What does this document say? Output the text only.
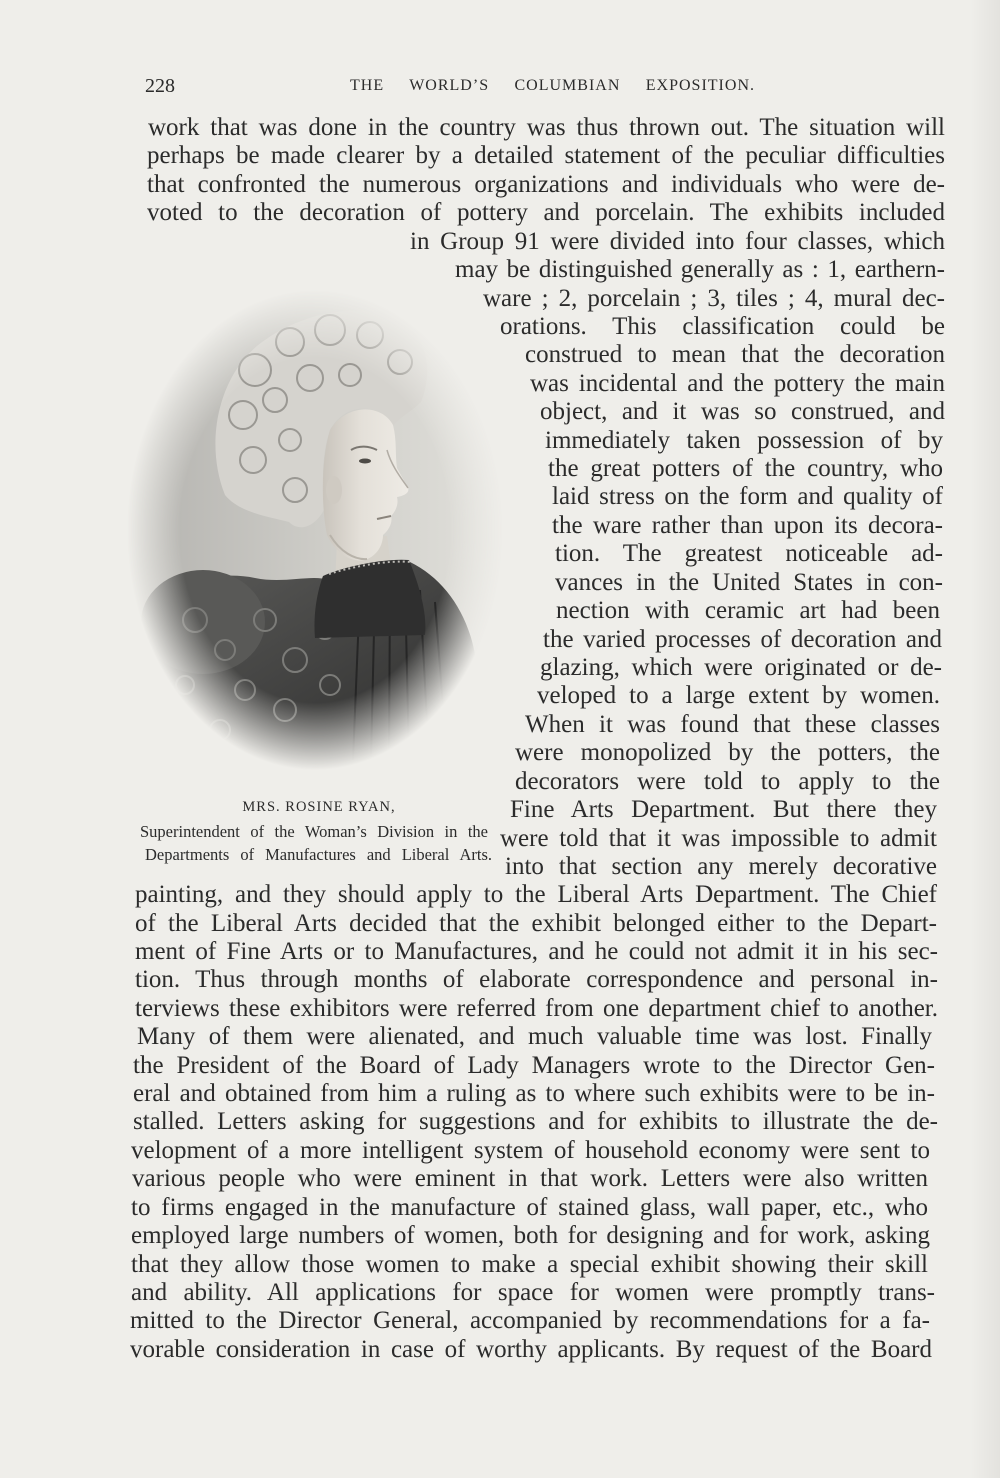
228	THE WORLD’S COLUMBIAN EXPOSITION.
MRS. ROSINE RYAN,
Superintendent of the Woman’s Division in the
Departments of Manufactures and Liberal Arts.
work that was done in the country was thus thrown out. The situation will
perhaps be made clearer by a detailed statement of the peculiar difficulties
that confronted the numerous organizations and individuals who were de-
voted to the decoration of pottery and porcelain. The exhibits included
in Group 91 were divided into four classes, which
may be distinguished generally as : 1, earthern-
ware ; 2, porcelain ; 3, tiles ; 4, mural dec-
orations. This classification could be
construed to mean that the decoration
was incidental and the pottery the main
object, and it was so construed, and
immediately taken possession of by
the great potters of the country, who
laid stress on the form and quality of
the ware rather than upon its decora-
tion. The greatest noticeable ad-
vances in the United States in con-
nection with ceramic art had been
the varied processes of decoration and
glazing, which were originated or de-
veloped to a large extent by women.
When it was found that these classes
were monopolized by the potters, the
decorators were told to apply to the
Fine Arts Department. But there they
were told that it was impossible to admit
into that section any merely decorative
painting, and they should apply to the Liberal Arts Department. The Chief
of the Liberal Arts decided that the exhibit belonged either to the Depart-
ment of Fine Arts or to Manufactures, and he could not admit it in his sec-
tion. Thus through months of elaborate correspondence and personal in-
terviews these exhibitors were referred from one department chief to another.
Many of them were alienated, and much valuable time was lost. Finally
the President of the Board of Lady Managers wrote to the Director Gen-
eral and obtained from him a ruling as to where such exhibits were to be in-
stalled. Letters asking for suggestions and for exhibits to illustrate the de-
velopment of a more intelligent system of household economy were sent to
various people who were eminent in that work. Letters were also written
to firms engaged in the manufacture of stained glass, wall paper, etc., who
employed large numbers of women, both for designing and for work, asking
that they allow those women to make a special exhibit showing their skill
and ability. All applications for space for women were promptly trans-
mitted to the Director General, accompanied by recommendations for a fa-
vorable consideration in case of worthy applicants. By request of the Board
